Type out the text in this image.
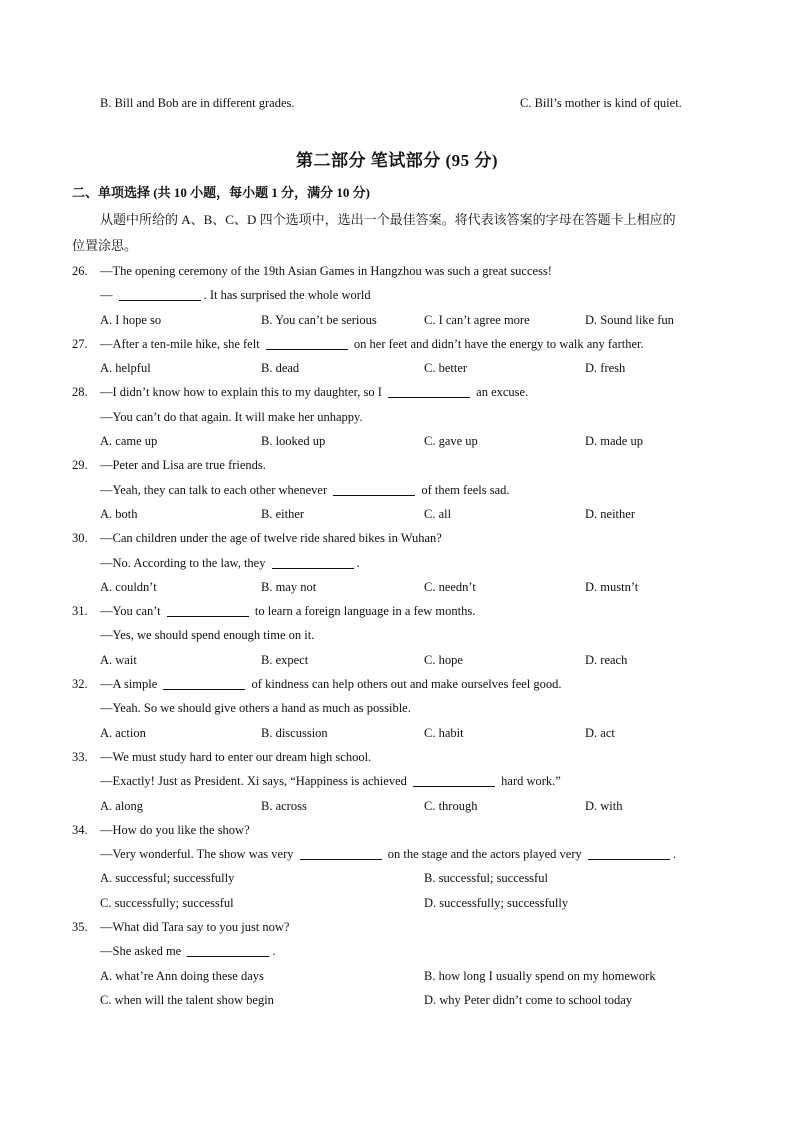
B. Bill and Bob are in different grades.	C. Bill’s mother is kind of quiet.
第二部分 笔试部分 (95 分)
二、单项选择 (共 10 小题，每小题 1 分，满分 10 分)
从题中所给的 A、B、C、D 四个选项中，选出一个最佳答案。将代表该答案的字母在答题卡上相应的
位置涂思。
26. —The opening ceremony of the 19th Asian Games in Hangzhou was such a great success!
—	. It has surprised the whole world
A. I hope so	B. You can’t be serious	C. I can’t agree more	D. Sound like fun
27. —After a ten-mile hike, she felt	on her feet and didn’t have the energy to walk any farther.
A. helpful	B. dead	C. better	D. fresh
28. —I didn’t know how to explain this to my daughter, so I	an excuse.
—You can’t do that again. It will make her unhappy.
A. came up	B. looked up	C. gave up	D. made up
29. —Peter and Lisa are true friends.
—Yeah, they can talk to each other whenever	of them feels sad.
A. both	B. either	C. all	D. neither
30. —Can children under the age of twelve ride shared bikes in Wuhan?
—No. According to the law, they	.
A. couldn’t	B. may not	C. needn’t	D. mustn’t
31. —You can’t	to learn a foreign language in a few months.
—Yes, we should spend enough time on it.
A. wait	B. expect	C. hope	D. reach
32. —A simple	of kindness can help others out and make ourselves feel good.
—Yeah. So we should give others a hand as much as possible.
A. action	B. discussion	C. habit	D. act
33. —We must study hard to enter our dream high school.
—Exactly! Just as President. Xi says, “Happiness is achieved	hard work.”
A. along	B. across	C. through	D. with
34. —How do you like the show?
—Very wonderful. The show was very	on the stage and the actors played very	.
A. successful; successfully	B. successful; successful
C. successfully; successful	D. successfully; successfully
35. —What did Tara say to you just now?
—She asked me	.
A. what’re Ann doing these days	B. how long I usually spend on my homework
C. when will the talent show begin	D. why Peter didn’t come to school today
